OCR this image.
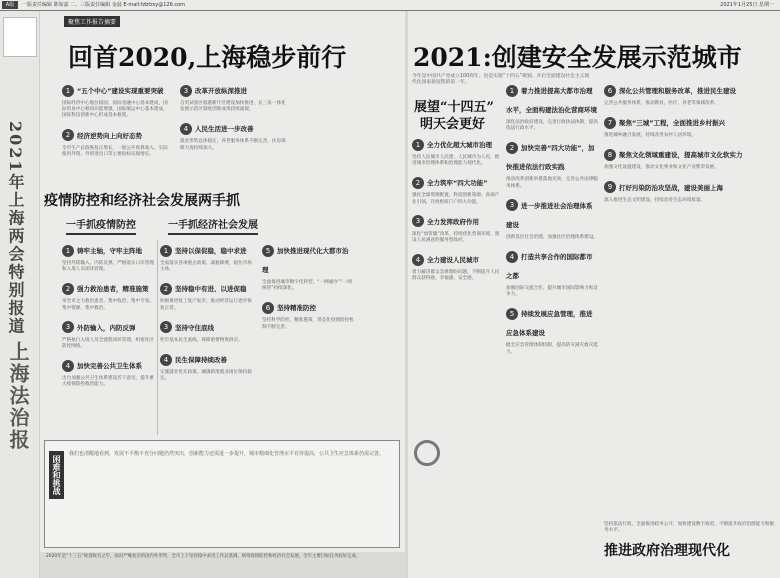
A版	一版责任编辑 陈如嘉 二、三版责任编辑 金晨 E-mail:fzbfzsy@126.com	2021年1月25日 星期一
2021年上海两会特别报道
上海法治报
聚焦工作报告摘要
回首2020,上海稳步前行
1 “五个中心”建设实现重要突破
国际经济中心地位稳固，国际金融中心基本建成，国际贸易中心枢纽功能增强，国际航运中心基本建成，国际科技创新中心形成基本框架。
2 经济逆势向上向好态势
全市生产总值恢复正增长，一般公共预算收入、实际使用外资、外贸进出口等主要指标实现增长。
3 改革开放纵深推进
自贸试验区临港新片区建设加快推进，长三角一体化发展示范区制度创新成果持续涌现。
4 人民生活进一步改善
就业形势总体稳定，养老服务体系不断完善，住房保障力度持续加大。
疫情防控和经济社会发展两手抓
一手抓疫情防控	一手抓经济社会发展
1 铸牢主轴，守牢主阵地
坚持外防输入、内防反弹，严格落实口岸管理和入境人员闭环管理。
2 强力救治患者，精准施策
举全市之力救治患者，集中收治、集中专家、集中资源、集中救治。
3 外防输入，内防反弹
严格执行入境人员全流程闭环管理，织密社区防控网络。
4 加快完善公共卫生体系
出台加强公共卫生体系建设若干意见，提升重大疫情防控救治能力。
1 坚持以保促稳，稳中求进
全面落实各项惠企政策，减税降费，稳住市场主体。
2 坚持稳中有进、以进促稳
积极推进复工复产复市，推动经济运行逐步恢复正常。
3 坚持守住底线
兜牢基本民生底线，保障重要物资供应。
4 民生保障持续改善
实施就业优先政策，城镇新增就业岗位保持稳定。
5 加快推进现代化大都市治理
全面推进城市数字化转型，“一网通办”“一网统管”持续深化。
6 坚持精准防控
坚持科学防控、精准施策，常态化疫情防控机制不断完善。
困难和挑战
我们也清醒地看到，发展不平衡不充分问题仍然突出，创新能力还需进一步提升，城市精细化管理水平有待提高，公共卫生应急体系仍需完善。
2020年是“十三五”规划收官之年，面对严峻复杂的国内外形势，全市上下坚持稳中求进工作总基调，统筹疫情防控和经济社会发展，全年主要目标任务较好完成。
2021:创建安全发展示范城市
今年是中国共产党成立100周年，也是实施“十四五”规划、开启全面建设社会主义现代化国家新征程的第一年。
展望“十四五”
明天会更好
1 全力优化超大城市治理
坚持人民城市人民建、人民城市为人民，推进城市治理体系和治理能力现代化。
2 全力筑牢“四大功能”
强化全球资源配置、科技创新策源、高端产业引领、开放枢纽门户四大功能。
3 全力发挥政府作用
深化“放管服”改革，持续优化营商环境，建设人民满意的服务型政府。
4 全力建设人民城市
着力解决群众急难愁盼问题，不断提升人民群众获得感、幸福感、安全感。
1 着力推进提高大都市治理水平，全面构建法治化营商环境
深化法治政府建设，完善行政执法体制，提高依法行政水平。
2 加快完善“四大功能”，加快推进依法行政实践
推动改革创新举措落地见效，完善公共法律服务体系。
3 进一步推进社会治理体系建设
创新基层社会治理，加强社区治理体系建设。
4 打造共享合作的国际都市之都
加强国际交流合作，提升城市国际影响力和竞争力。
5 持续发展应急管理，推进应急体系建设
健全应急管理体制机制，提高防灾减灾救灾能力。
6 深化公共管理和服务改革，推进民生建设
完善公共服务体系，推动教育、医疗、养老等领域改革。
7 聚焦“三城”工程，全面推进乡村振兴
推进城乡融合发展，持续改善农村人居环境。
8 聚焦文化领域重建设，提高城市文化软实力
加强文化设施建设，推动文化事业和文化产业繁荣发展。
9 打好污染防治攻坚战，建设美丽上海
深入推进生态文明建设，持续改善生态环境质量。
推进政府治理现代化
坚持依法行政，全面推进政务公开，加快建设数字政府，不断提升政府治理能力和服务水平。
